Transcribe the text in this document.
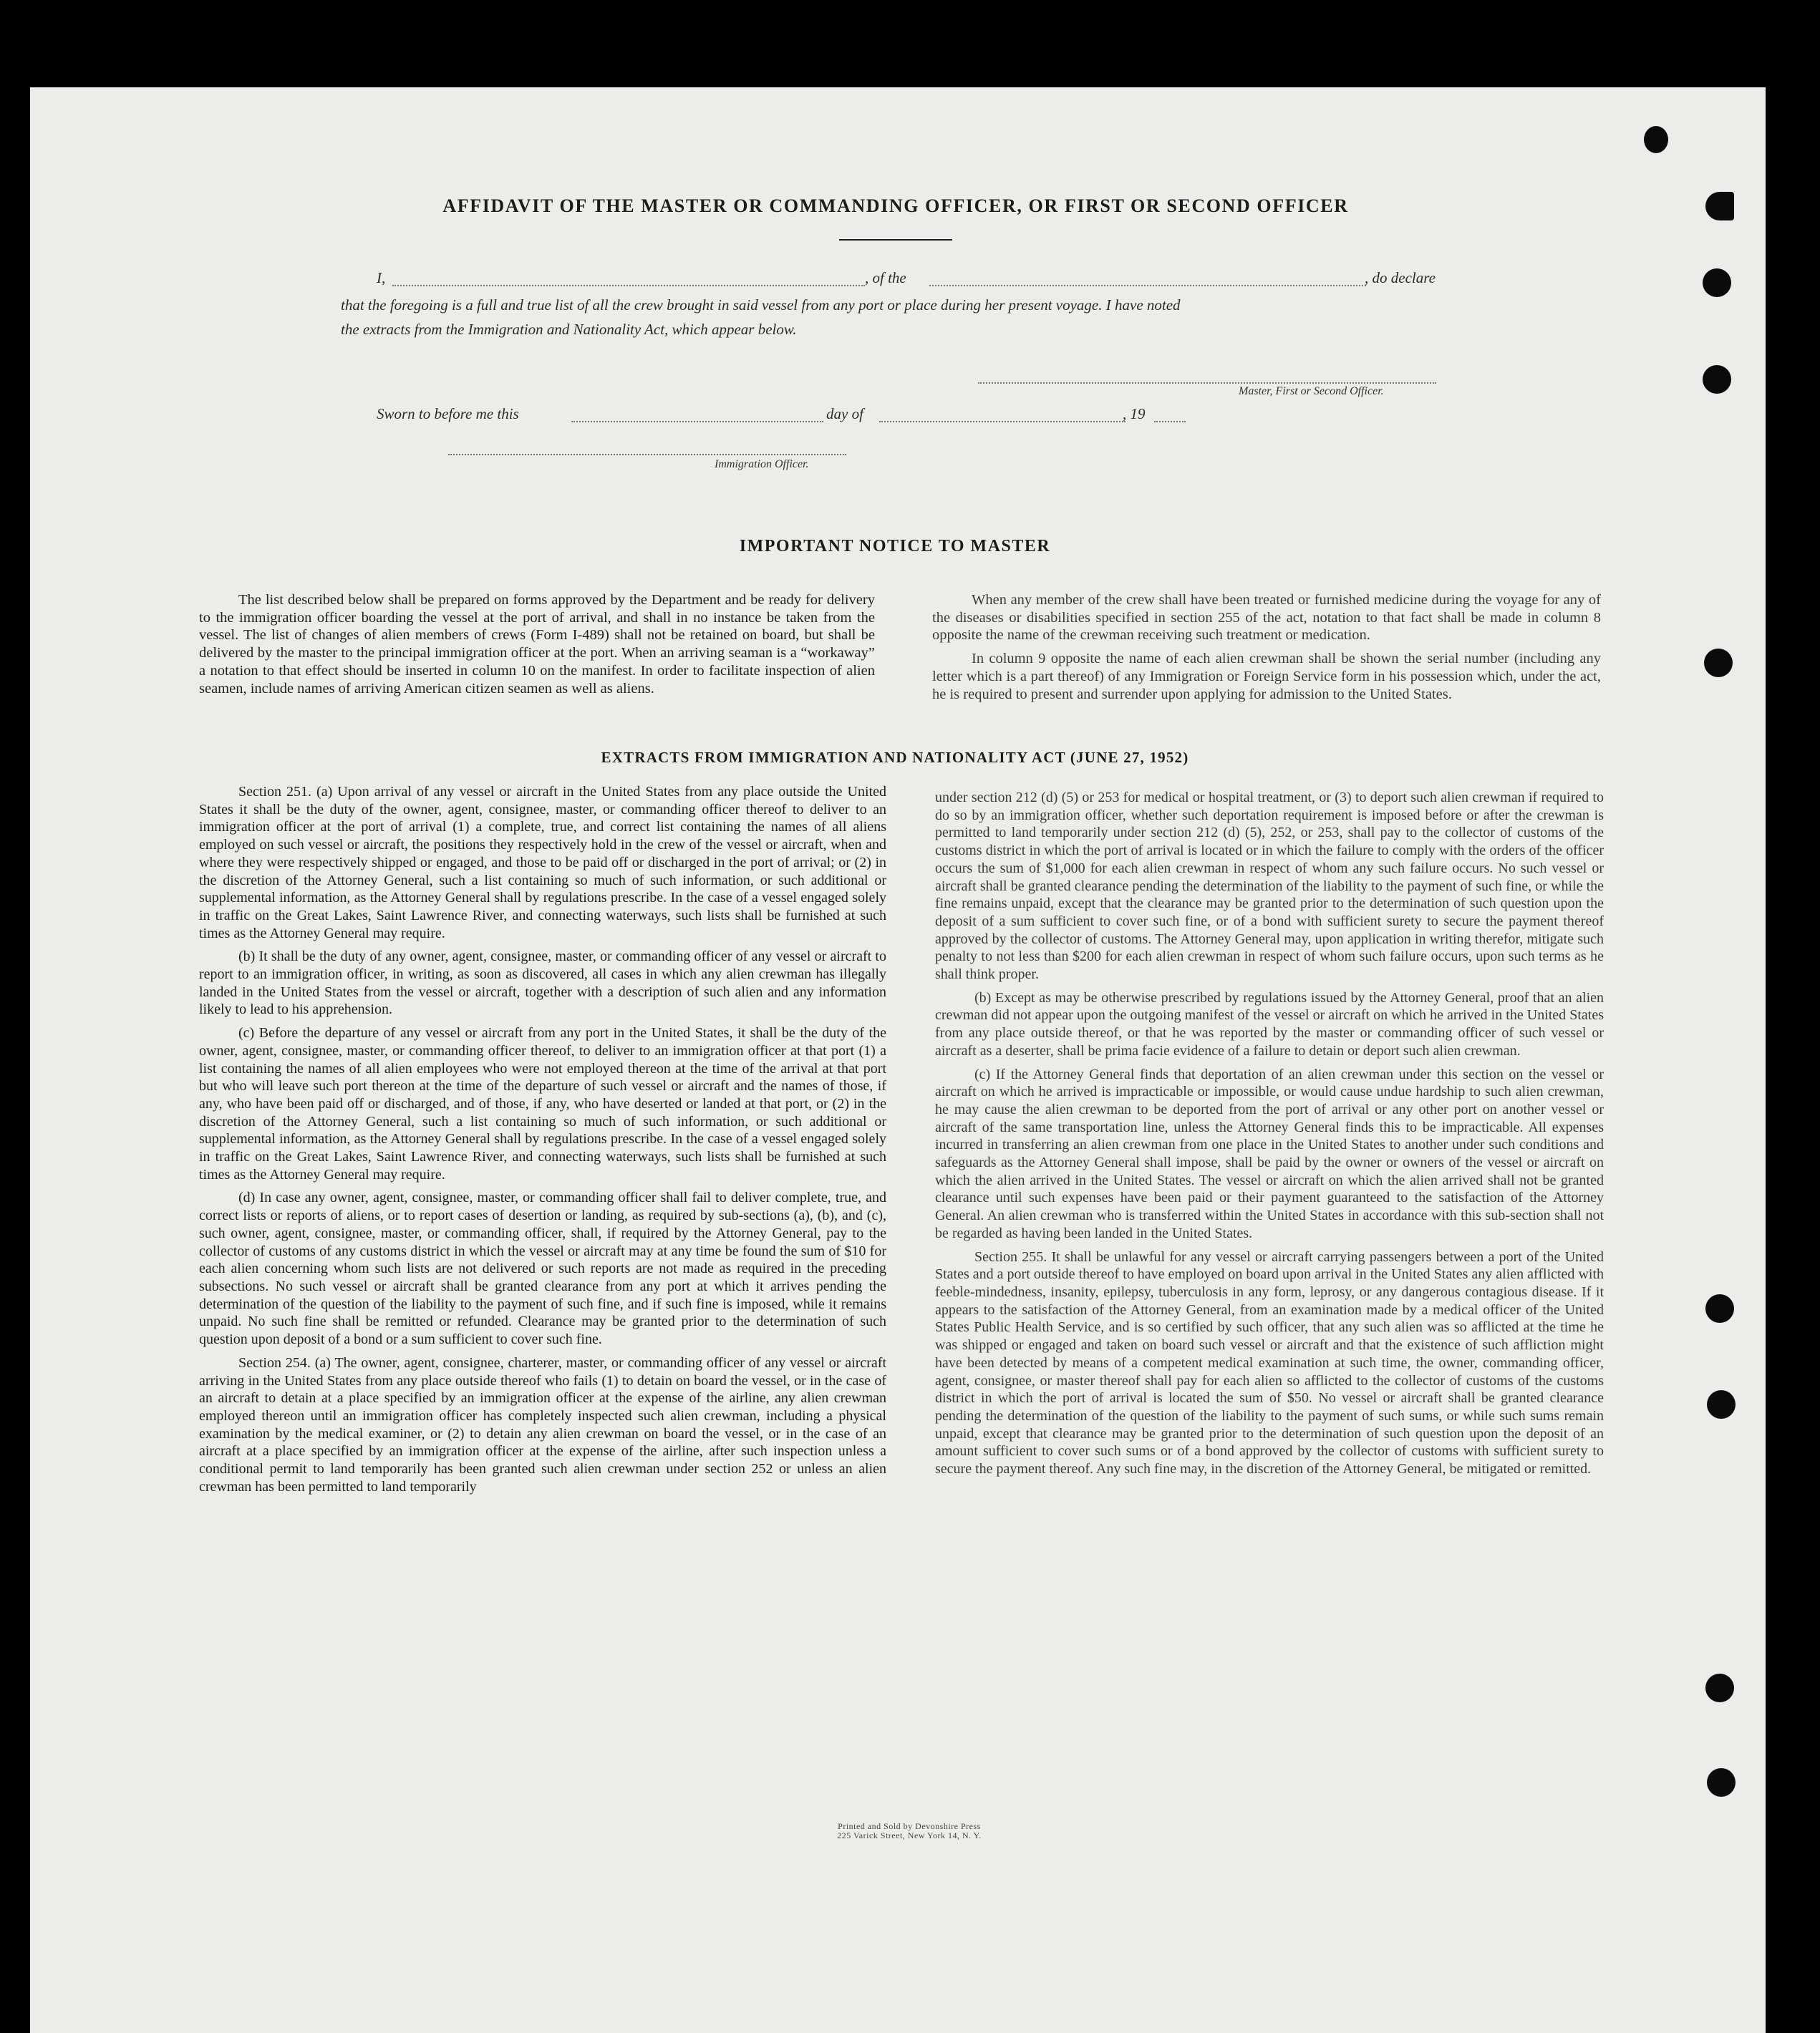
AFFIDAVIT OF THE MASTER OR COMMANDING OFFICER, OR FIRST OR SECOND OFFICER
I,	, of the	, do declare
that the foregoing is a full and true list of all the crew brought in said vessel from any port or place during her present voyage. I have noted
the extracts from the Immigration and Nationality Act, which appear below.
Master, First or Second Officer.
Sworn to before me this	day of	, 19
Immigration Officer.
IMPORTANT NOTICE TO MASTER

The list described below shall be prepared on forms approved by the Department and be ready for delivery to the immigration officer boarding the vessel at the port of arrival, and shall in no instance be taken from the vessel. The list of changes of alien members of crews (Form I-489) shall not be retained on board, but shall be delivered by the master to the principal immigration officer at the port. When an arriving seaman is a “workaway” a notation to that effect should be inserted in column 10 on the manifest. In order to facilitate inspection of alien seamen, include names of arriving American citizen seamen as well as aliens.

When any member of the crew shall have been treated or furnished medicine during the voyage for any of the diseases or disabilities specified in section 255 of the act, notation to that fact shall be made in column 8 opposite the name of the crewman receiving such treatment or medication.

In column 9 opposite the name of each alien crewman shall be shown the serial number (including any letter which is a part thereof) of any Immigration or Foreign Service form in his possession which, under the act, he is required to present and surrender upon applying for admission to the United States.

EXTRACTS FROM IMMIGRATION AND NATIONALITY ACT (JUNE 27, 1952)

Section 251. (a) Upon arrival of any vessel or aircraft in the United States from any place outside the United States it shall be the duty of the owner, agent, consignee, master, or commanding officer thereof to deliver to an immigration officer at the port of arrival (1) a complete, true, and correct list containing the names of all aliens employed on such vessel or aircraft, the positions they respectively hold in the crew of the vessel or aircraft, when and where they were respectively shipped or engaged, and those to be paid off or discharged in the port of arrival; or (2) in the discretion of the Attorney General, such a list containing so much of such information, or such additional or supplemental information, as the Attorney General shall by regulations prescribe. In the case of a vessel engaged solely in traffic on the Great Lakes, Saint Lawrence River, and connecting waterways, such lists shall be furnished at such times as the Attorney General may require.

(b) It shall be the duty of any owner, agent, consignee, master, or commanding officer of any vessel or aircraft to report to an immigration officer, in writing, as soon as discovered, all cases in which any alien crewman has illegally landed in the United States from the vessel or aircraft, together with a description of such alien and any information likely to lead to his apprehension.

(c) Before the departure of any vessel or aircraft from any port in the United States, it shall be the duty of the owner, agent, consignee, master, or commanding officer thereof, to deliver to an immigration officer at that port (1) a list containing the names of all alien employees who were not employed thereon at the time of the arrival at that port but who will leave such port thereon at the time of the departure of such vessel or aircraft and the names of those, if any, who have been paid off or discharged, and of those, if any, who have deserted or landed at that port, or (2) in the discretion of the Attorney General, such a list containing so much of such information, or such additional or supplemental information, as the Attorney General shall by regulations prescribe. In the case of a vessel engaged solely in traffic on the Great Lakes, Saint Lawrence River, and connecting waterways, such lists shall be furnished at such times as the Attorney General may require.

(d) In case any owner, agent, consignee, master, or commanding officer shall fail to deliver complete, true, and correct lists or reports of aliens, or to report cases of desertion or landing, as required by sub-sections (a), (b), and (c), such owner, agent, consignee, master, or commanding officer, shall, if required by the Attorney General, pay to the collector of customs of any customs district in which the vessel or aircraft may at any time be found the sum of $10 for each alien concerning whom such lists are not delivered or such reports are not made as required in the preceding subsections. No such vessel or aircraft shall be granted clearance from any port at which it arrives pending the determination of the question of the liability to the payment of such fine, and if such fine is imposed, while it remains unpaid. No such fine shall be remitted or refunded. Clearance may be granted prior to the determination of such question upon deposit of a bond or a sum sufficient to cover such fine.

Section 254. (a) The owner, agent, consignee, charterer, master, or commanding officer of any vessel or aircraft arriving in the United States from any place outside thereof who fails (1) to detain on board the vessel, or in the case of an aircraft to detain at a place specified by an immigration officer at the expense of the airline, any alien crewman employed thereon until an immigration officer has completely inspected such alien crewman, including a physical examination by the medical examiner, or (2) to detain any alien crewman on board the vessel, or in the case of an aircraft at a place specified by an immigration officer at the expense of the airline, after such inspection unless a conditional permit to land temporarily has been granted such alien crewman under section 252 or unless an alien crewman has been permitted to land temporarily

under section 212 (d) (5) or 253 for medical or hospital treatment, or (3) to deport such alien crewman if required to do so by an immigration officer, whether such deportation requirement is imposed before or after the crewman is permitted to land temporarily under section 212 (d) (5), 252, or 253, shall pay to the collector of customs of the customs district in which the port of arrival is located or in which the failure to comply with the orders of the officer occurs the sum of $1,000 for each alien crewman in respect of whom any such failure occurs. No such vessel or aircraft shall be granted clearance pending the determination of the liability to the payment of such fine, or while the fine remains unpaid, except that the clearance may be granted prior to the determination of such question upon the deposit of a sum sufficient to cover such fine, or of a bond with sufficient surety to secure the payment thereof approved by the collector of customs. The Attorney General may, upon application in writing therefor, mitigate such penalty to not less than $200 for each alien crewman in respect of whom such failure occurs, upon such terms as he shall think proper.

(b) Except as may be otherwise prescribed by regulations issued by the Attorney General, proof that an alien crewman did not appear upon the outgoing manifest of the vessel or aircraft on which he arrived in the United States from any place outside thereof, or that he was reported by the master or commanding officer of such vessel or aircraft as a deserter, shall be prima facie evidence of a failure to detain or deport such alien crewman.

(c) If the Attorney General finds that deportation of an alien crewman under this section on the vessel or aircraft on which he arrived is impracticable or impossible, or would cause undue hardship to such alien crewman, he may cause the alien crewman to be deported from the port of arrival or any other port on another vessel or aircraft of the same transportation line, unless the Attorney General finds this to be impracticable. All expenses incurred in transferring an alien crewman from one place in the United States to another under such conditions and safeguards as the Attorney General shall impose, shall be paid by the owner or owners of the vessel or aircraft on which the alien arrived in the United States. The vessel or aircraft on which the alien arrived shall not be granted clearance until such expenses have been paid or their payment guaranteed to the satisfaction of the Attorney General. An alien crewman who is transferred within the United States in accordance with this sub-section shall not be regarded as having been landed in the United States.

Section 255. It shall be unlawful for any vessel or aircraft carrying passengers between a port of the United States and a port outside thereof to have employed on board upon arrival in the United States any alien afflicted with feeble-mindedness, insanity, epilepsy, tuberculosis in any form, leprosy, or any dangerous contagious disease. If it appears to the satisfaction of the Attorney General, from an examination made by a medical officer of the United States Public Health Service, and is so certified by such officer, that any such alien was so afflicted at the time he was shipped or engaged and taken on board such vessel or aircraft and that the existence of such affliction might have been detected by means of a competent medical examination at such time, the owner, commanding officer, agent, consignee, or master thereof shall pay for each alien so afflicted to the collector of customs of the customs district in which the port of arrival is located the sum of $50. No vessel or aircraft shall be granted clearance pending the determination of the question of the liability to the payment of such sums, or while such sums remain unpaid, except that clearance may be granted prior to the determination of such question upon the deposit of an amount sufficient to cover such sums or of a bond approved by the collector of customs with sufficient surety to secure the payment thereof. Any such fine may, in the discretion of the Attorney General, be mitigated or remitted.

Printed and Sold by Devonshire Press
225 Varick Street, New York 14, N. Y.
